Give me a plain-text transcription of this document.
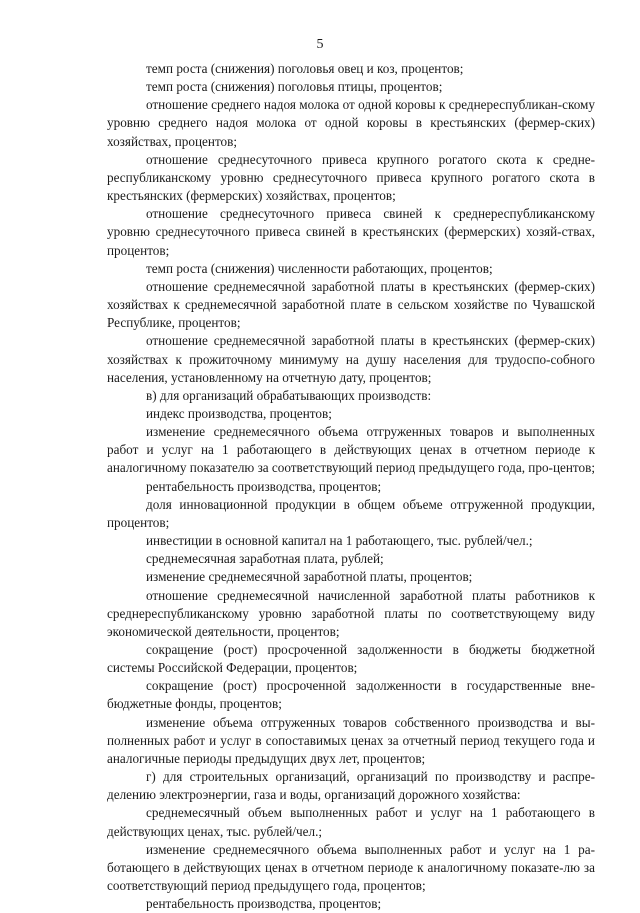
5

темп роста (снижения) поголовья овец и коз, процентов;

темп роста (снижения) поголовья птицы, процентов;

отношение среднего надоя молока от одной коровы к среднереспубликан-скому уровню среднего надоя молока от одной коровы в крестьянских (фермер-ских) хозяйствах, процентов;

отношение среднесуточного привеса крупного рогатого скота к средне-республиканскому уровню среднесуточного привеса крупного рогатого скота в крестьянских (фермерских) хозяйствах, процентов;

отношение среднесуточного привеса свиней к среднереспубликанскому уровню среднесуточного привеса свиней в крестьянских (фермерских) хозяй-ствах, процентов;

темп роста (снижения) численности работающих, процентов;

отношение среднемесячной заработной платы в крестьянских (фермер-ских) хозяйствах к среднемесячной заработной плате в сельском хозяйстве по Чувашской Республике, процентов;

отношение среднемесячной заработной платы в крестьянских (фермер-ских) хозяйствах к прожиточному минимуму на душу населения для трудоспо-собного населения, установленному на отчетную дату, процентов;

в) для организаций обрабатывающих производств:

индекс производства, процентов;

изменение среднемесячного объема отгруженных товаров и выполненных работ и услуг на 1 работающего в действующих ценах в отчетном периоде к аналогичному показателю за соответствующий период предыдущего года, про-центов;

рентабельность производства, процентов;

доля инновационной продукции в общем объеме отгруженной продукции, процентов;

инвестиции в основной капитал на 1 работающего, тыс. рублей/чел.;

среднемесячная заработная плата, рублей;

изменение среднемесячной заработной платы, процентов;

отношение среднемесячной начисленной заработной платы работников к среднереспубликанскому уровню заработной платы по соответствующему виду экономической деятельности, процентов;

сокращение (рост) просроченной задолженности в бюджеты бюджетной системы Российской Федерации, процентов;

сокращение (рост) просроченной задолженности в государственные вне-бюджетные фонды, процентов;

изменение объема отгруженных товаров собственного производства и вы-полненных работ и услуг в сопоставимых ценах за отчетный период текущего года и аналогичные периоды предыдущих двух лет, процентов;

г) для строительных организаций, организаций по производству и распре-делению электроэнергии, газа и воды, организаций дорожного хозяйства:

среднемесячный объем выполненных работ и услуг на 1 работающего в действующих ценах, тыс. рублей/чел.;

изменение среднемесячного объема выполненных работ и услуг на 1 ра-ботающего в действующих ценах в отчетном периоде к аналогичному показате-лю за соответствующий период предыдущего года, процентов;

рентабельность производства, процентов;
